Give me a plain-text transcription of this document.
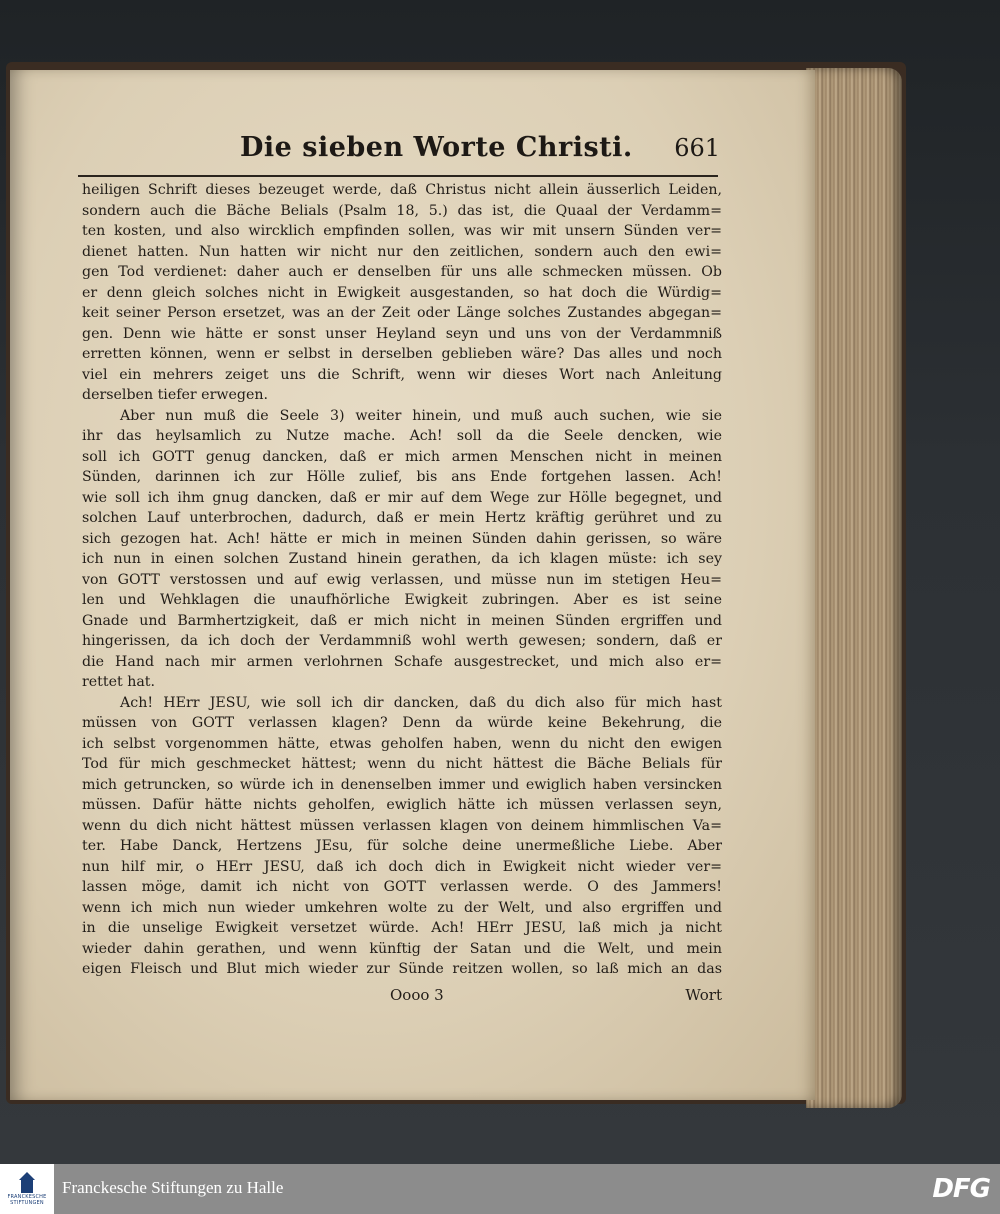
Die sieben Worte Christi. 661
heiligen Schrift dieses bezeuget werde, daß Christus nicht allein äusserlich Leiden,
sondern auch die Bäche Belials (Psalm 18, 5.) das ist, die Quaal der Verdamm=
ten kosten, und also wircklich empfinden sollen, was wir mit unsern Sünden ver=
dienet hatten. Nun hatten wir nicht nur den zeitlichen, sondern auch den ewi=
gen Tod verdienet: daher auch er denselben für uns alle schmecken müssen. Ob
er denn gleich solches nicht in Ewigkeit ausgestanden, so hat doch die Würdig=
keit seiner Person ersetzet, was an der Zeit oder Länge solches Zustandes abgegan=
gen. Denn wie hätte er sonst unser Heyland seyn und uns von der Verdammniß
erretten können, wenn er selbst in derselben geblieben wäre? Das alles und noch
viel ein mehrers zeiget uns die Schrift, wenn wir dieses Wort nach Anleitung
derselben tiefer erwegen.
Aber nun muß die Seele 3) weiter hinein, und muß auch suchen, wie sie
ihr das heylsamlich zu Nutze mache. Ach! soll da die Seele dencken, wie
soll ich GOTT genug dancken, daß er mich armen Menschen nicht in meinen
Sünden, darinnen ich zur Hölle zulief, bis ans Ende fortgehen lassen. Ach!
wie soll ich ihm gnug dancken, daß er mir auf dem Wege zur Hölle begegnet, und
solchen Lauf unterbrochen, dadurch, daß er mein Hertz kräftig gerühret und zu
sich gezogen hat. Ach! hätte er mich in meinen Sünden dahin gerissen, so wäre
ich nun in einen solchen Zustand hinein gerathen, da ich klagen müste: ich sey
von GOTT verstossen und auf ewig verlassen, und müsse nun im stetigen Heu=
len und Wehklagen die unaufhörliche Ewigkeit zubringen. Aber es ist seine
Gnade und Barmhertzigkeit, daß er mich nicht in meinen Sünden ergriffen und
hingerissen, da ich doch der Verdammniß wohl werth gewesen; sondern, daß er
die Hand nach mir armen verlohrnen Schafe ausgestrecket, und mich also er=
rettet hat.
Ach! HErr JESU, wie soll ich dir dancken, daß du dich also für mich hast
müssen von GOTT verlassen klagen? Denn da würde keine Bekehrung, die
ich selbst vorgenommen hätte, etwas geholfen haben, wenn du nicht den ewigen
Tod für mich geschmecket hättest; wenn du nicht hättest die Bäche Belials für
mich getruncken, so würde ich in denenselben immer und ewiglich haben versincken
müssen. Dafür hätte nichts geholfen, ewiglich hätte ich müssen verlassen seyn,
wenn du dich nicht hättest müssen verlassen klagen von deinem himmlischen Va=
ter. Habe Danck, Hertzens JEsu, für solche deine unermeßliche Liebe. Aber
nun hilf mir, o HErr JESU, daß ich doch dich in Ewigkeit nicht wieder ver=
lassen möge, damit ich nicht von GOTT verlassen werde. O des Jammers!
wenn ich mich nun wieder umkehren wolte zu der Welt, und also ergriffen und
in die unselige Ewigkeit versetzet würde. Ach! HErr JESU, laß mich ja nicht
wieder dahin gerathen, und wenn künftig der Satan und die Welt, und mein
eigen Fleisch und Blut mich wieder zur Sünde reitzen wollen, so laß mich an das
Oooo 3	Wort
FRANCKESCHE
STIFTUNGEN
Franckesche Stiftungen zu Halle	DFG
